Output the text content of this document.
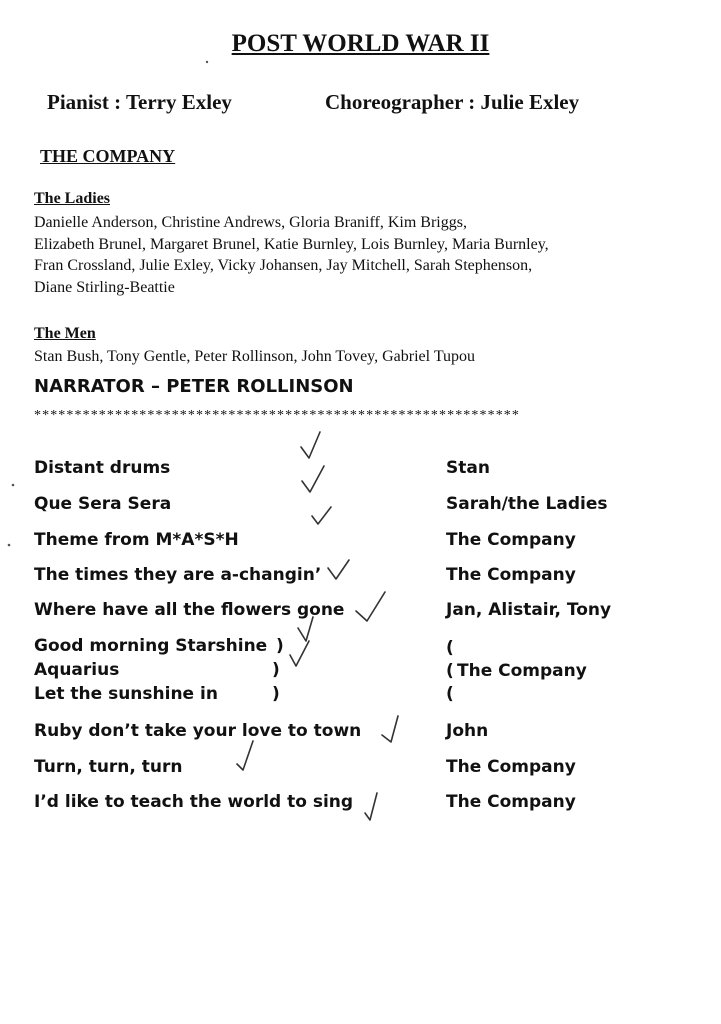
POST WORLD WAR II
Pianist : Terry Exley	Choreographer : Julie Exley
THE COMPANY
The Ladies
Danielle Anderson, Christine Andrews, Gloria Braniff, Kim Briggs,
Elizabeth Brunel, Margaret Brunel, Katie Burnley, Lois Burnley, Maria Burnley,
Fran Crossland, Julie Exley, Vicky Johansen, Jay Mitchell, Sarah Stephenson,
Diane Stirling-Beattie
The Men
Stan Bush, Tony Gentle, Peter Rollinson, John Tovey, Gabriel Tupou
NARRATOR – PETER ROLLINSON
************************************************************
Distant drums	Stan
Que Sera Sera	Sarah/the Ladies
Theme from M*A*S*H	The Company
The times they are a-changin’	The Company
Where have all the flowers gone	Jan, Alistair, Tony
Good morning Starshine )	(
Aquarius	)	( The Company
Let the sunshine in	)	(
Ruby don’t take your love to town	John
Turn, turn, turn	The Company
I’d like to teach the world to sing	The Company
